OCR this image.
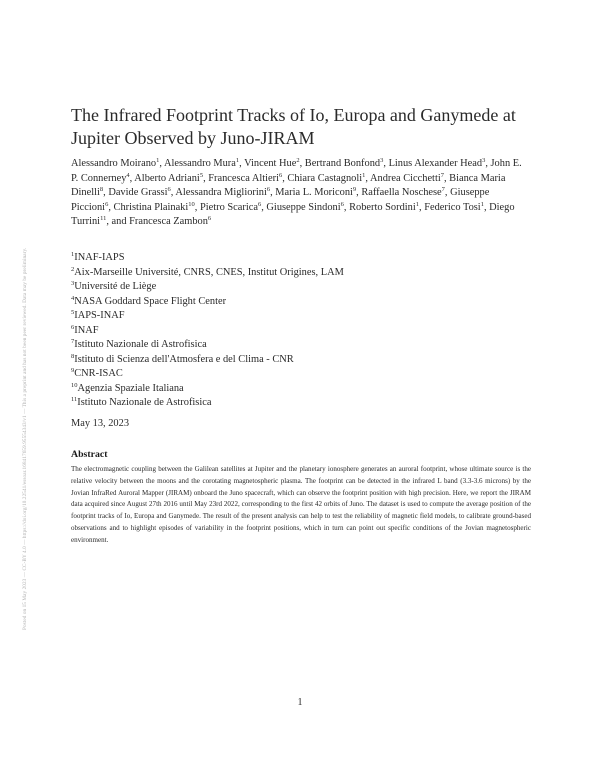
Posted on 15 May 2023 — CC-BY 4.0 — https://doi.org/10.22541/essoar.168417659.95554343/v1 — This a preprint and has not been peer reviewed. Data may be preliminary.
The Infrared Footprint Tracks of Io, Europa and Ganymede at Jupiter Observed by Juno-JIRAM

Alessandro Moirano$^1$, Alessandro Mura$^1$, Vincent Hue$^2$, Bertrand Bonfond$^3$, Linus Alexander Head$^3$, John E. P. Connerney$^4$, Alberto Adriani$^5$, Francesca Altieri$^6$, Chiara Castagnoli$^1$, Andrea Cicchetti$^7$, Bianca Maria Dinelli$^8$, Davide Grassi$^6$, Alessandra Migliorini$^6$, Maria L. Moriconi$^9$, Raffaella Noschese$^7$, Giuseppe Piccioni$^6$, Christina Plainaki$^{10}$, Pietro Scarica$^6$, Giuseppe Sindoni$^6$, Roberto Sordini$^1$, Federico Tosi$^1$, Diego Turrini$^{11}$, and Francesca Zambon$^6$

$^1$INAF-IAPS

$^2$Aix-Marseille Université, CNRS, CNES, Institut Origines, LAM

$^3$Université de Liège

$^4$NASA Goddard Space Flight Center

$^5$IAPS-INAF

$^6$INAF

$^7$Istituto Nazionale di Astrofisica

$^8$Istituto di Scienza dell'Atmosfera e del Clima - CNR

$^9$CNR-ISAC

$^{10}$Agenzia Spaziale Italiana

$^{11}$Istituto Nazionale de Astrofisica

May 13, 2023

Abstract

The electromagnetic coupling between the Galilean satellites at Jupiter and the planetary ionosphere generates an auroral footprint, whose ultimate source is the relative velocity between the moons and the corotating magnetospheric plasma. The footprint can be detected in the infrared L band (3.3-3.6 microns) by the Jovian InfraRed Auroral Mapper (JIRAM) onboard the Juno spacecraft, which can observe the footprint position with high precision. Here, we report the JIRAM data acquired since August 27th 2016 until May 23rd 2022, corresponding to the first 42 orbits of Juno. The dataset is used to compute the average position of the footprint tracks of Io, Europa and Ganymede. The result of the present analysis can help to test the reliability of magnetic field models, to calibrate ground-based observations and to highlight episodes of variability in the footprint positions, which in turn can point out specific conditions of the Jovian magnetospheric environment.

1
